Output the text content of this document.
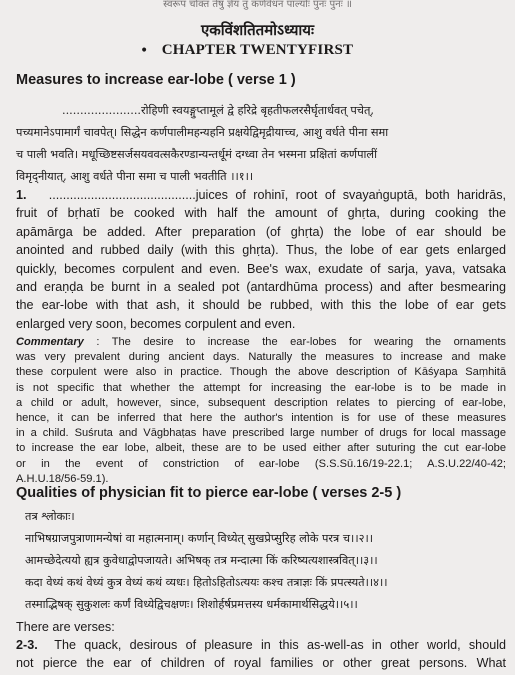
स्वरूपं चोक्तं तेषु ज्ञेयं तु कर्णवेधनं पाल्योः पुनः पुनः ॥
एकविंशतितमोऽध्यायः
• CHAPTER TWENTYFIRST
Measures to increase ear-lobe ( verse 1 )
......................रोहिणी स्वयङ्गुप्तामूलं द्वे हरिद्रे बृहतीफलरसैर्घृतार्धवत् पचेत्,
पच्यमानेऽपामार्गं चावपेत्। सिद्धेन कर्णपालीमहन्यहनि प्रक्षयेद्विमृद्रीयाच्च, आशु वर्धते पीना समा
च पाली भवति। मधूच्छिष्टसर्जसयववत्सकैरण्डान्यन्तर्धूमं दग्ध्वा तेन भस्मना प्रक्षितां कर्णपालीं
विमृद्नीयात्, आशु वर्धते पीना समा च पाली भवतीति ।।१।।
1. ..........................................juices of rohinī, root of svayaṅguptā, both haridrās,
fruit of bṛhatī be cooked with half the amount of ghṛta, during cooking the
apāmārga be added. After preparation (of ghṛta) the lobe of ear should be
anointed and rubbed daily (with this ghṛta). Thus, the lobe of ear gets enlarged
quickly, becomes corpulent and even. Bee's wax, exudate of sarja, yava, vatsaka
and eraṇḍa be burnt in a sealed pot (antardhūma process) and after besmearing
the ear-lobe with that ash, it should be rubbed, with this the lobe of ear gets
enlarged very soon, becomes corpulent and even.
Commentary : The desire to increase the ear-lobes for wearing the ornaments
was very prevalent during ancient days. Naturally the measures to increase and make
these corpulent were also in practice. Though the above description of Kāśyapa Saṃhitā
is not specific that whether the attempt for increasing the ear-lobe is to be made in
a child or adult, however, since, subsequent description relates to piercing of ear-lobe,
hence, it can be inferred that here the author's intention is for use of these measures
in a child. Suśruta and Vāgbhaṭas have prescribed large number of drugs for local massage
to increase the ear lobe, albeit, these are to be used either after suturing the cut ear-lobe
or in the event of constriction of ear-lobe (S.S.Sū.16/19-22.1; A.S.U.22/40-42;
A.H.U.18/56-59.1).
Qualities of physician fit to pierce ear-lobe ( verses 2-5 )
तत्र श्लोकाः।
नाभिषग्राजपुत्राणामन्येषां वा महात्मनाम्। कर्णान् विध्येत् सुखप्रेप्सुरिह लोके परत्र च।।२।।
आमच्छेदेत्ययो ह्यत्र कुवेधाद्वोपजायते। अभिषक् तत्र मन्दात्मा किं करिष्यत्यशास्त्रवित्।।३।।
कदा वेध्यं कथं वेध्यं कुत्र वेध्यं कथं व्यधः। हितोऽहितोऽत्ययः कश्च तत्राज्ञः किं प्रपत्स्यते।।४।।
तस्माद्भिषक् सुकुशलः कर्णं विध्येद्विचक्षणः। शिशोर्हर्षप्रमत्तस्य धर्मकामार्थसिद्धये।।५।।
There are verses:
2-3. The quack, desirous of pleasure in this as-well-as in other world, should
not pierce the ear of children of royal families or other great persons. What
